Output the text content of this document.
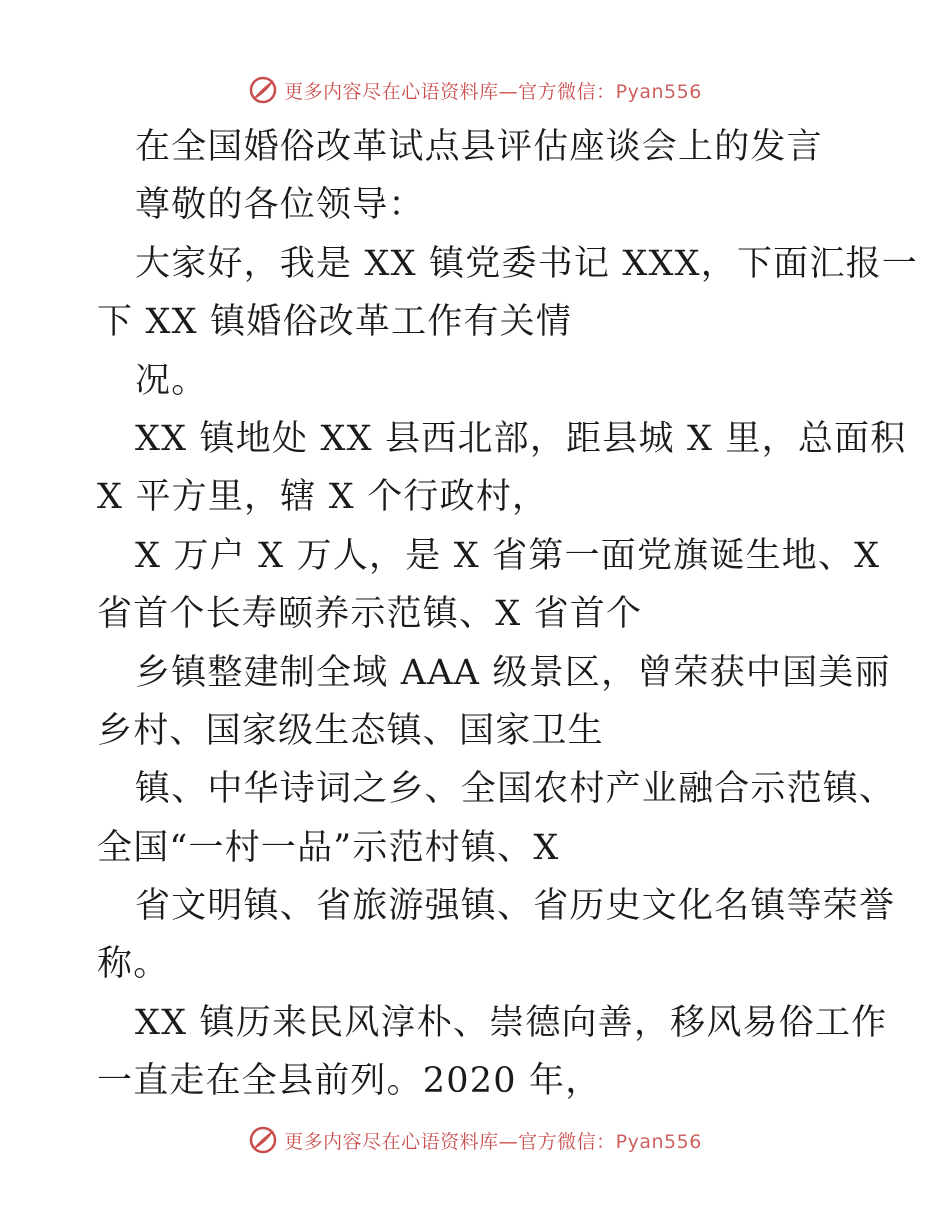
更多内容尽在心语资料库—官方微信：Pyan556
在全国婚俗改革试点县评估座谈会上的发言
尊敬的各位领导：
大家好，我是 XX 镇党委书记 XXX，下面汇报一
下 XX 镇婚俗改革工作有关情
况。
XX 镇地处 XX 县西北部，距县城 X 里，总面积
X 平方里，辖 X 个行政村，
X 万户 X 万人，是 X 省第一面党旗诞生地、X
省首个长寿颐养示范镇、X 省首个
乡镇整建制全域 AAA 级景区，曾荣获中国美丽
乡村、国家级生态镇、国家卫生
镇、中华诗词之乡、全国农村产业融合示范镇、
全国“一村一品”示范村镇、X
省文明镇、省旅游强镇、省历史文化名镇等荣誉
称。
XX 镇历来民风淳朴、崇德向善，移风易俗工作
一直走在全县前列。2020 年，
更多内容尽在心语资料库—官方微信：Pyan556
